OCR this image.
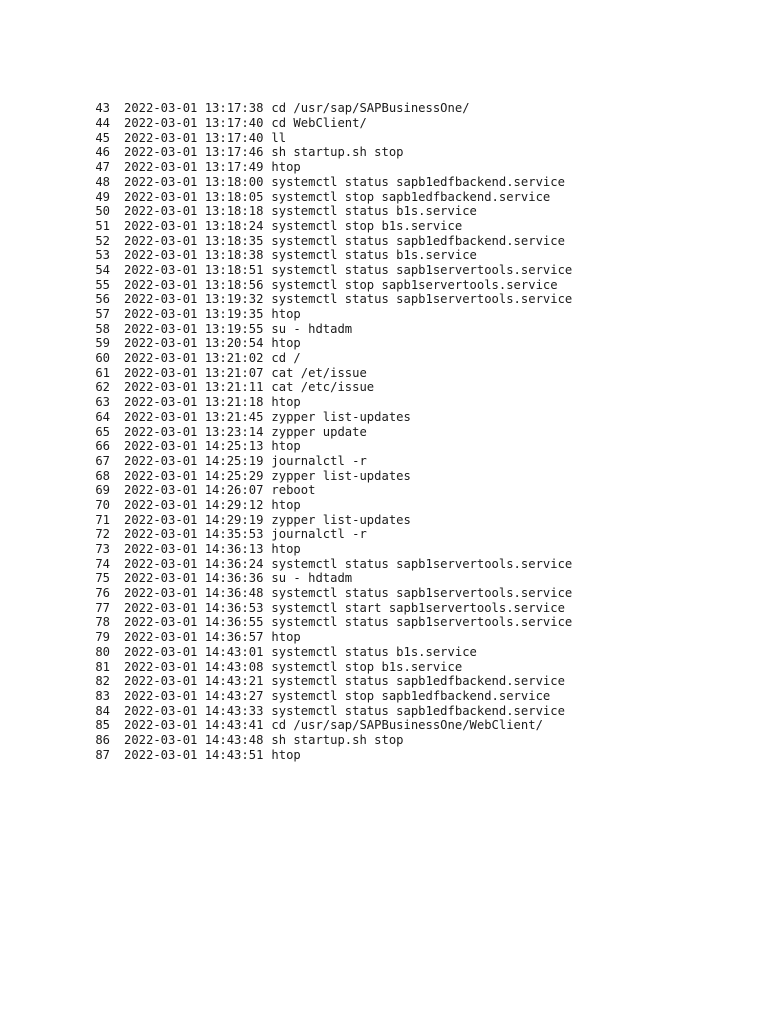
43 2022-03-01 13:17:38 cd /usr/sap/SAPBusinessOne/
44 2022-03-01 13:17:40 cd WebClient/
45 2022-03-01 13:17:40 ll
46 2022-03-01 13:17:46 sh startup.sh stop
47 2022-03-01 13:17:49 htop
48 2022-03-01 13:18:00 systemctl status sapb1edfbackend.service
49 2022-03-01 13:18:05 systemctl stop sapb1edfbackend.service
50 2022-03-01 13:18:18 systemctl status b1s.service
51 2022-03-01 13:18:24 systemctl stop b1s.service
52 2022-03-01 13:18:35 systemctl status sapb1edfbackend.service
53 2022-03-01 13:18:38 systemctl status b1s.service
54 2022-03-01 13:18:51 systemctl status sapb1servertools.service
55 2022-03-01 13:18:56 systemctl stop sapb1servertools.service
56 2022-03-01 13:19:32 systemctl status sapb1servertools.service
57 2022-03-01 13:19:35 htop
58 2022-03-01 13:19:55 su - hdtadm
59 2022-03-01 13:20:54 htop
60 2022-03-01 13:21:02 cd /
61 2022-03-01 13:21:07 cat /et/issue
62 2022-03-01 13:21:11 cat /etc/issue
63 2022-03-01 13:21:18 htop
64 2022-03-01 13:21:45 zypper list-updates
65 2022-03-01 13:23:14 zypper update
66 2022-03-01 14:25:13 htop
67 2022-03-01 14:25:19 journalctl -r
68 2022-03-01 14:25:29 zypper list-updates
69 2022-03-01 14:26:07 reboot
70 2022-03-01 14:29:12 htop
71 2022-03-01 14:29:19 zypper list-updates
72 2022-03-01 14:35:53 journalctl -r
73 2022-03-01 14:36:13 htop
74 2022-03-01 14:36:24 systemctl status sapb1servertools.service
75 2022-03-01 14:36:36 su - hdtadm
76 2022-03-01 14:36:48 systemctl status sapb1servertools.service
77 2022-03-01 14:36:53 systemctl start sapb1servertools.service
78 2022-03-01 14:36:55 systemctl status sapb1servertools.service
79 2022-03-01 14:36:57 htop
80 2022-03-01 14:43:01 systemctl status b1s.service
81 2022-03-01 14:43:08 systemctl stop b1s.service
82 2022-03-01 14:43:21 systemctl status sapb1edfbackend.service
83 2022-03-01 14:43:27 systemctl stop sapb1edfbackend.service
84 2022-03-01 14:43:33 systemctl status sapb1edfbackend.service
85 2022-03-01 14:43:41 cd /usr/sap/SAPBusinessOne/WebClient/
86 2022-03-01 14:43:48 sh startup.sh stop
87 2022-03-01 14:43:51 htop
